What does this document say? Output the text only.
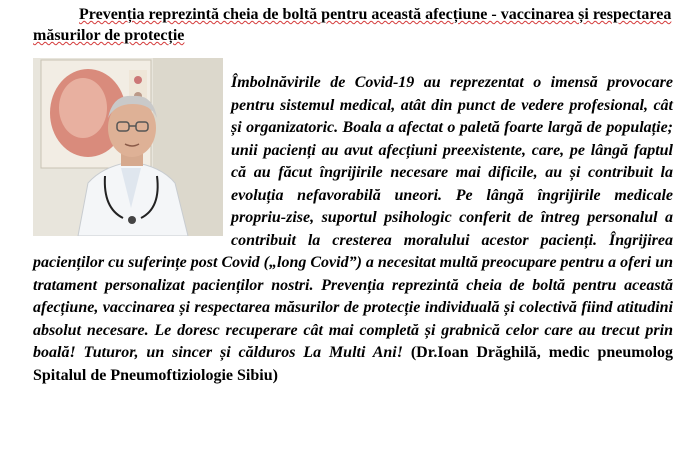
Prevenția reprezintă cheia de boltă pentru această afecțiune - vaccinarea și respectarea măsurilor de protecție
Îmbolnăvirile de Covid-19 au reprezentat o imensă provocare pentru sistemul medical, atât din punct de vedere profesional, cât și organizatoric. Boala a afectat o paletă foarte largă de populație; unii pacienți au avut afecțiuni preexistente, care, pe lângă faptul că au făcut îngrijirile necesare mai dificile, au și contribuit la evoluția nefavorabilă uneori. Pe lângă îngrijirile medicale propriu-zise, suportul psihologic conferit de întreg personalul a contribuit la cresterea moralului acestor pacienți. Îngrijirea pacienților cu suferințe post Covid („long Covid”) a necesitat multă preocupare pentru a oferi un tratament personalizat pacienților nostri. Prevenția reprezintă cheia de boltă pentru această afecțiune, vaccinarea și respectarea măsurilor de protecție individuală și colectivă fiind atitudini absolut necesare. Le doresc recuperare cât mai completă și grabnică celor care au trecut prin boală! Tuturor, un sincer și călduros La Multi Ani! (Dr.Ioan Drăghilă, medic pneumolog Spitalul de Pneumoftiziologie Sibiu)
